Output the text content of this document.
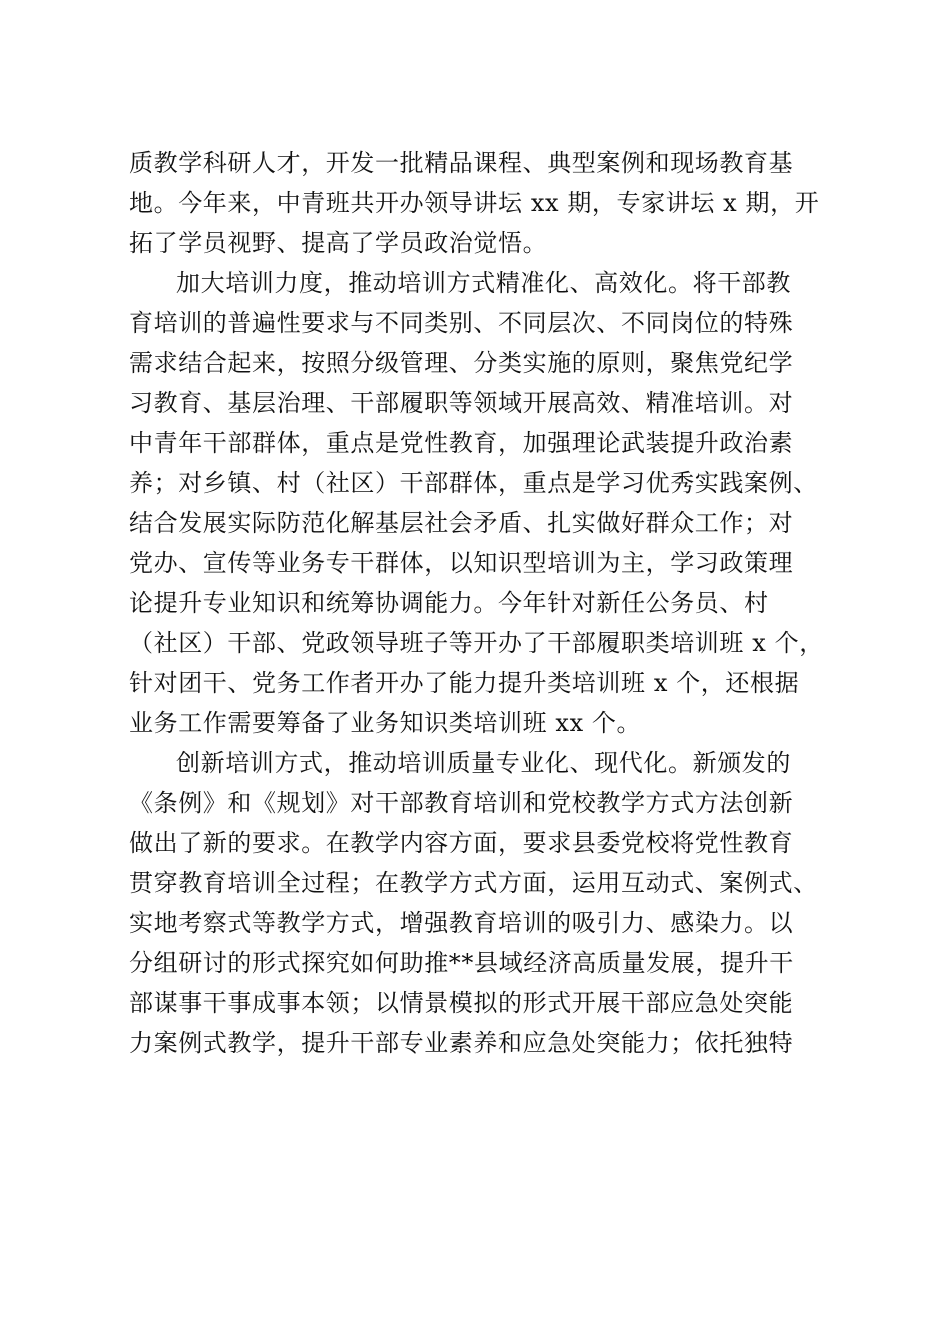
质教学科研人才，开发一批精品课程、典型案例和现场教育基
地。今年来，中青班共开办领导讲坛 xx 期，专家讲坛 x 期，开
拓了学员视野、提高了学员政治觉悟。
加大培训力度，推动培训方式精准化、高效化。将干部教
育培训的普遍性要求与不同类别、不同层次、不同岗位的特殊
需求结合起来，按照分级管理、分类实施的原则，聚焦党纪学
习教育、基层治理、干部履职等领域开展高效、精准培训。对
中青年干部群体，重点是党性教育，加强理论武装提升政治素
养；对乡镇、村（社区）干部群体，重点是学习优秀实践案例、
结合发展实际防范化解基层社会矛盾、扎实做好群众工作；对
党办、宣传等业务专干群体，以知识型培训为主，学习政策理
论提升专业知识和统筹协调能力。今年针对新任公务员、村
（社区）干部、党政领导班子等开办了干部履职类培训班 x 个，
针对团干、党务工作者开办了能力提升类培训班 x 个，还根据
业务工作需要筹备了业务知识类培训班 xx 个。
创新培训方式，推动培训质量专业化、现代化。新颁发的
《条例》和《规划》对干部教育培训和党校教学方式方法创新
做出了新的要求。在教学内容方面，要求县委党校将党性教育
贯穿教育培训全过程；在教学方式方面，运用互动式、案例式、
实地考察式等教学方式，增强教育培训的吸引力、感染力。以
分组研讨的形式探究如何助推**县域经济高质量发展，提升干
部谋事干事成事本领；以情景模拟的形式开展干部应急处突能
力案例式教学，提升干部专业素养和应急处突能力；依托独特
